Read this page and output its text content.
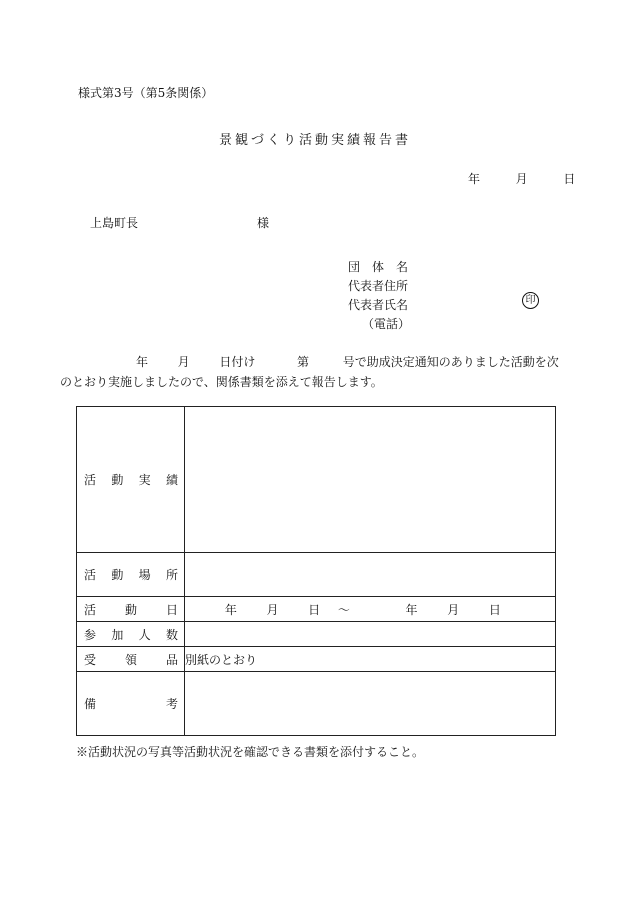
様式第3号（第5条関係）
景観づくり活動実績報告書
年	月	日
上島町長	様
団　体　名
代表者住所
代表者氏名
（電話）
印
年 月 日付け	第	号で助成決定通知のありました活動を次
のとおり実施しましたので、関係書類を添えて報告します。
活 動 実 績	

活 動 場 所	

活 動 日	年 月 日 ～ 年 月 日

参 加 人 数	

受 領 品	別紙のとおり

備 考	

※活動状況の写真等活動状況を確認できる書類を添付すること。
